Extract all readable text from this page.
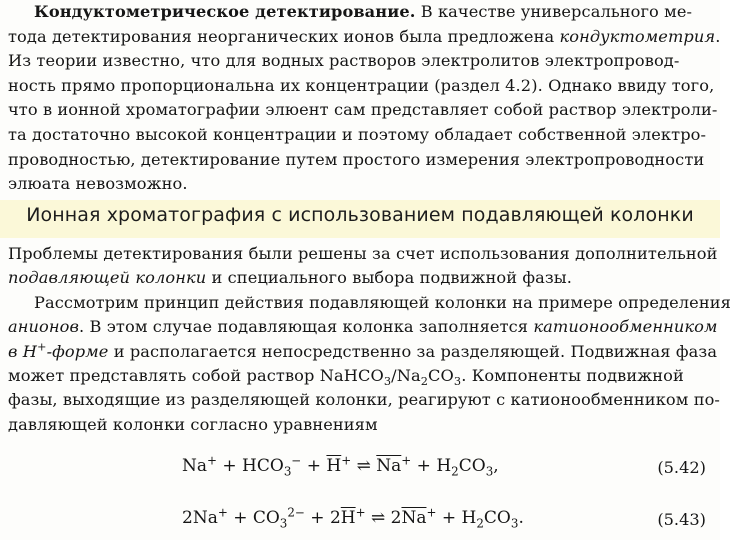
Кондуктометрическое детектирование. В качестве универсального ме-
тода детектирования неорганических ионов была предложена кондуктометрия.
Из теории известно, что для водных растворов электролитов электропровод-
ность прямо пропорциональна их концентрации (раздел 4.2). Однако ввиду того,
что в ионной хроматографии элюент сам представляет собой раствор электроли-
та достаточно высокой концентрации и поэтому обладает собственной электро-
проводностью, детектирование путем простого измерения электропроводности
элюата невозможно.
Ионная хроматография с использованием подавляющей колонки
Проблемы детектирования были решены за счет использования дополнительной
подавляющей колонки и специального выбора подвижной фазы.
Рассмотрим принцип действия подавляющей колонки на примере определения
анионов. В этом случае подавляющая колонка заполняется катионообменником
в H+-форме и располагается непосредственно за разделяющей. Подвижная фаза
может представлять собой раствор $NaHCO_3/Na_2CO_3$. Компоненты подвижной
фазы, выходящие из разделяющей колонки, реагируют с катионообменником по-
давляющей колонки согласно уравнениям
$Na^+ + HCO_3^- + \overline{H}^+$ ⇌ $\overline{Na}^+ + H_2CO_3$,	(5.42)
$2Na^+ + CO_3^{2-} + 2\overline{H}^+$ ⇌ $2\overline{Na}^+ + H_2CO_3$.	(5.43)
